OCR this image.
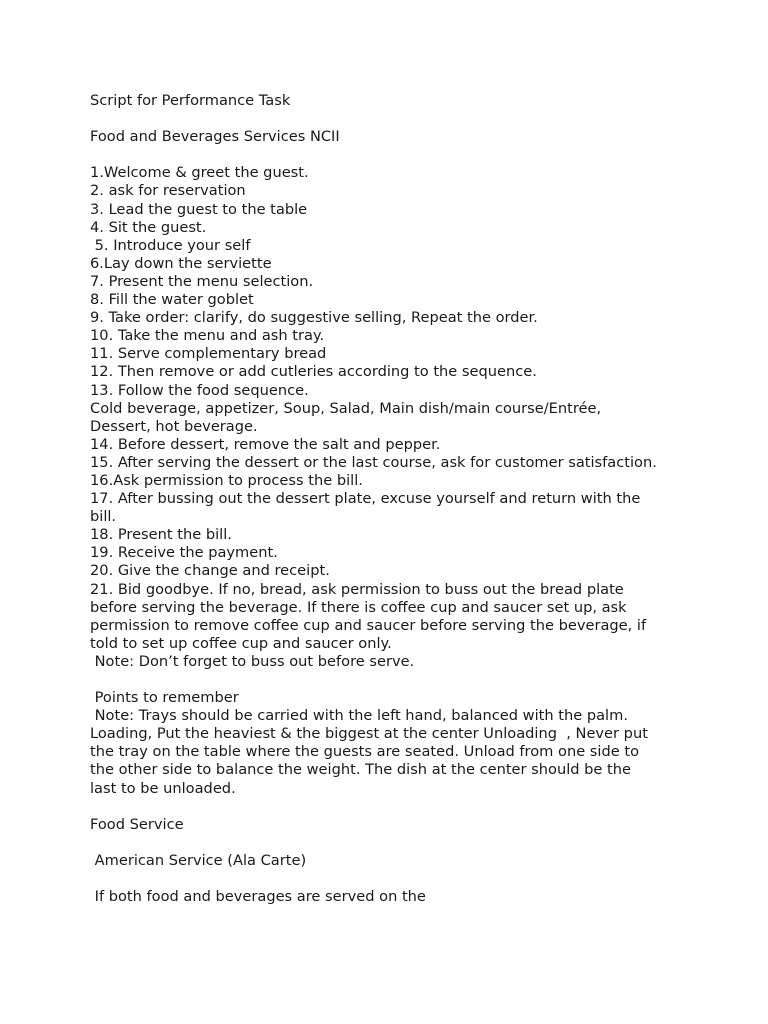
Script for Performance Task
Food and Beverages Services NCII
1.Welcome & greet the guest.
2. ask for reservation
3. Lead the guest to the table
4. Sit the guest.
5. Introduce your self
6.Lay down the serviette
7. Present the menu selection.
8. Fill the water goblet
9. Take order: clarify, do suggestive selling, Repeat the order.
10. Take the menu and ash tray.
11. Serve complementary bread
12. Then remove or add cutleries according to the sequence.
13. Follow the food sequence.
Cold beverage, appetizer, Soup, Salad, Main dish/main course/Entrée,
Dessert, hot beverage.
14. Before dessert, remove the salt and pepper.
15. After serving the dessert or the last course, ask for customer satisfaction.
16.Ask permission to process the bill.
17. After bussing out the dessert plate, excuse yourself and return with the
bill.
18. Present the bill.
19. Receive the payment.
20. Give the change and receipt.
21. Bid goodbye. If no, bread, ask permission to buss out the bread plate
before serving the beverage. If there is coffee cup and saucer set up, ask
permission to remove coffee cup and saucer before serving the beverage, if
told to set up coffee cup and saucer only.
Note: Don’t forget to buss out before serve.
Points to remember
Note: Trays should be carried with the left hand, balanced with the palm.
Loading, Put the heaviest & the biggest at the center Unloading  , Never put
the tray on the table where the guests are seated. Unload from one side to
the other side to balance the weight. The dish at the center should be the
last to be unloaded.
Food Service
American Service (Ala Carte)
If both food and beverages are served on the
